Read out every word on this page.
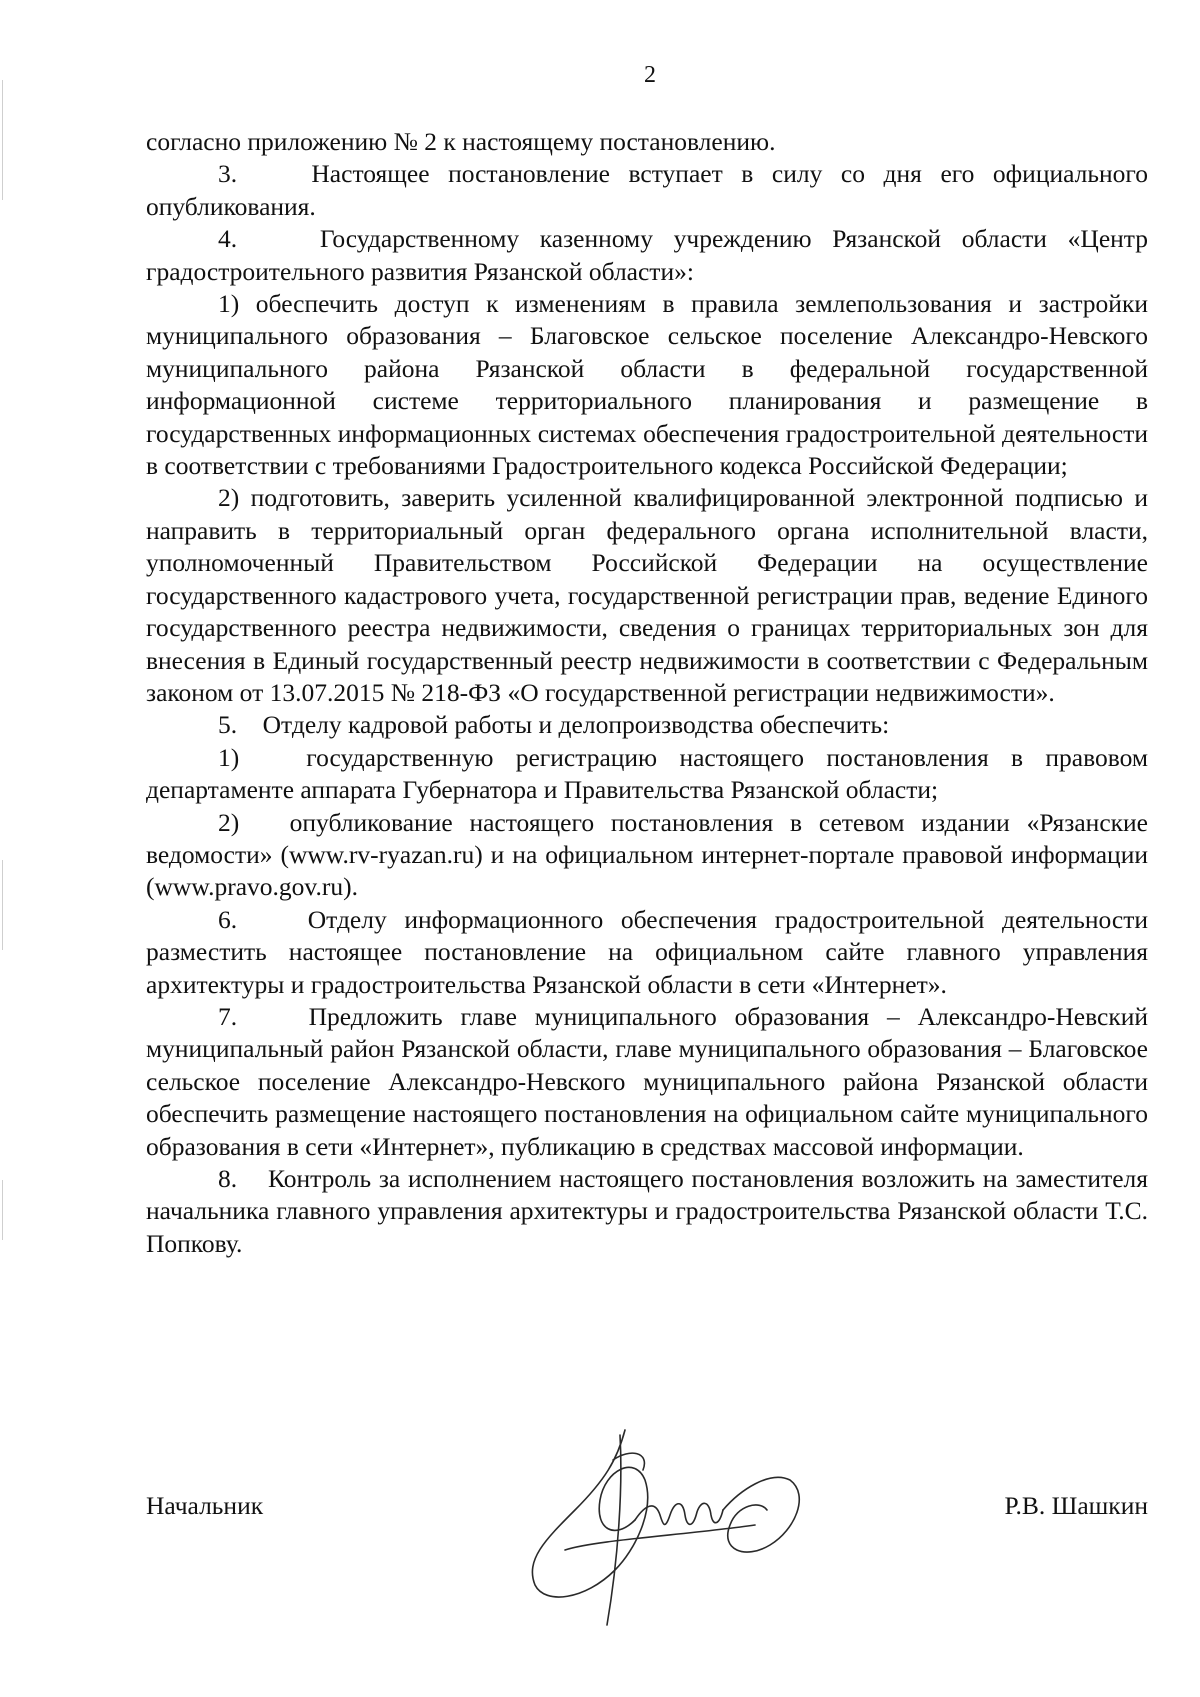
2

согласно приложению № 2 к настоящему постановлению.

3.    Настоящее постановление вступает в силу со дня его официального опубликования.

4.    Государственному казенному учреждению Рязанской области «Центр градостроительного развития Рязанской области»:

1) обеспечить доступ к изменениям в правила землепользования и застройки муниципального образования – Благовское сельское поселение Александро-Невского муниципального района Рязанской области в федеральной государственной информационной системе территориального планирования и размещение в государственных информационных системах обеспечения градостроительной деятельности в соответствии с требованиями Градостроительного кодекса Российской Федерации;

2) подготовить, заверить усиленной квалифицированной электронной подписью и направить в территориальный орган федерального органа исполнительной власти, уполномоченный Правительством Российской Федерации на осуществление государственного кадастрового учета, государственной регистрации прав, ведение Единого государственного реестра недвижимости, сведения о границах территориальных зон для внесения в Единый государственный реестр недвижимости в соответствии с Федеральным законом от 13.07.2015 № 218-ФЗ «О государственной регистрации недвижимости».

5.    Отделу кадровой работы и делопроизводства обеспечить:

1)   государственную регистрацию настоящего постановления в правовом департаменте аппарата Губернатора и Правительства Рязанской области;

2)   опубликование настоящего постановления в сетевом издании «Рязанские ведомости» (www.rv-ryazan.ru) и на официальном интернет-портале правовой информации (www.pravo.gov.ru).

6.    Отделу информационного обеспечения градостроительной деятельности разместить настоящее постановление на официальном сайте главного управления архитектуры и градостроительства Рязанской области в сети «Интернет».

7.    Предложить главе муниципального образования – Александро-Невский муниципальный район Рязанской области, главе муниципального образования – Благовское сельское поселение Александро-Невского муниципального района Рязанской области обеспечить размещение настоящего постановления на официальном сайте муниципального образования в сети «Интернет», публикацию в средствах массовой информации.

8.    Контроль за исполнением настоящего постановления возложить на заместителя начальника главного управления архитектуры и градостроительства Рязанской области Т.С. Попкову.

Начальник	Р.В. Шашкин
